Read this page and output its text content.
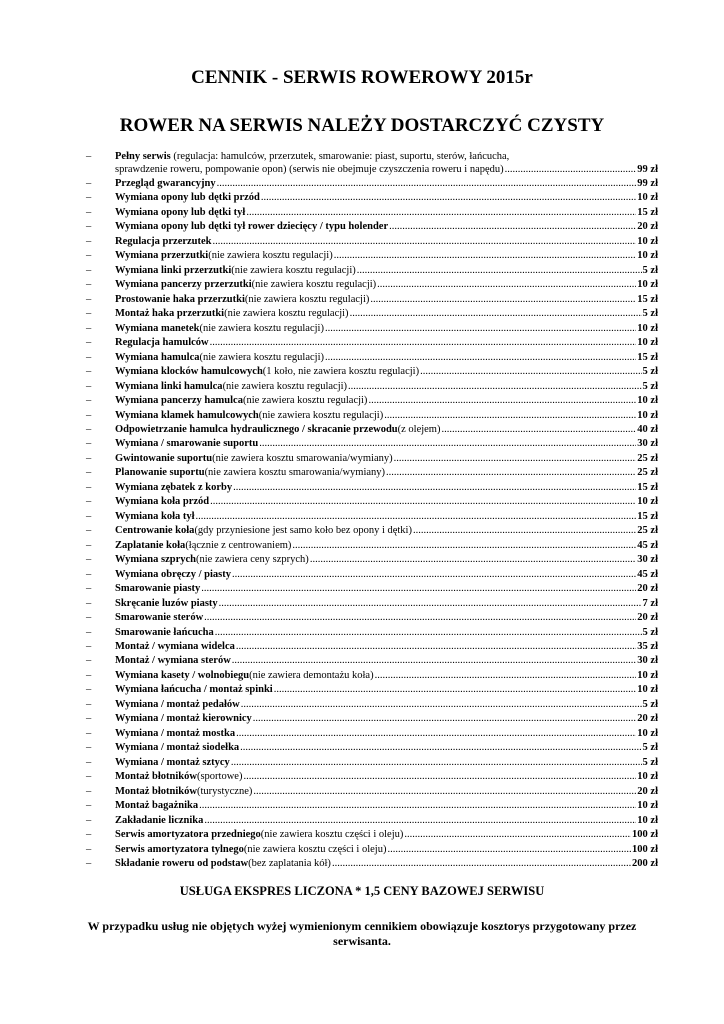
CENNIK - SERWIS ROWEROWY 2015r
ROWER NA SERWIS NALEŻY DOSTARCZYĆ CZYSTY
–	Pełny serwis (regulacja: hamulców, przerzutek, smarowanie: piast, suportu, sterów, łańcucha,
sprawdzenie roweru, pompowanie opon) (serwis nie obejmuje czyszczenia roweru i napędu) .....	99 zł
–	Przegląd gwarancyjny .....	99 zł
–	Wymiana opony lub dętki przód .....	10 zł
–	Wymiana opony lub dętki tył .....	15 zł
–	Wymiana opony lub dętki tył rower dziecięcy / typu holender .....	20 zł
–	Regulacja przerzutek .....	10 zł
–	Wymiana przerzutki (nie zawiera kosztu regulacji) .....	10 zł
–	Wymiana linki przerzutki (nie zawiera kosztu regulacji) .....	5 zł
–	Wymiana pancerzy przerzutki (nie zawiera kosztu regulacji) .....	10 zł
–	Prostowanie haka przerzutki (nie zawiera kosztu regulacji) .....	15 zł
–	Montaż haka przerzutki (nie zawiera kosztu regulacji) .....	5 zł
–	Wymiana manetek (nie zawiera kosztu regulacji) .....	10 zł
–	Regulacja hamulców .....	10 zł
–	Wymiana hamulca (nie zawiera kosztu regulacji) .....	15 zł
–	Wymiana klocków hamulcowych (1 koło, nie zawiera kosztu regulacji) .....	5 zł
–	Wymiana linki hamulca (nie zawiera kosztu regulacji) .....	5 zł
–	Wymiana pancerzy hamulca (nie zawiera kosztu regulacji) .....	10 zł
–	Wymiana klamek hamulcowych (nie zawiera kosztu regulacji) .....	10 zł
–	Odpowietrzanie hamulca hydraulicznego / skracanie przewodu (z olejem) .....	40 zł
–	Wymiana / smarowanie suportu .....	30 zł
–	Gwintowanie suportu (nie zawiera kosztu smarowania/wymiany) .....	25 zł
–	Planowanie suportu (nie zawiera kosztu smarowania/wymiany) .....	25 zł
–	Wymiana zębatek z korby .....	15 zł
–	Wymiana koła przód .....	10 zł
–	Wymiana koła tył .....	15 zł
–	Centrowanie koła (gdy przyniesione jest samo koło bez opony i dętki) .....	25 zł
–	Zaplatanie koła (łącznie z centrowaniem) .....	45 zł
–	Wymiana szprych (nie zawiera ceny szprych) .....	30 zł
–	Wymiana obręczy / piasty .....	45 zł
–	Smarowanie piasty .....	20 zł
–	Skręcanie luzów piasty .....	7 zł
–	Smarowanie sterów .....	20 zł
–	Smarowanie łańcucha .....	5 zł
–	Montaż / wymiana widelca .....	35 zł
–	Montaż / wymiana sterów .....	30 zł
–	Wymiana kasety / wolnobiegu (nie zawiera demontażu koła) .....	10 zł
–	Wymiana łańcucha / montaż spinki .....	10 zł
–	Wymiana / montaż pedałów .....	5 zł
–	Wymiana / montaż kierownicy .....	20 zł
–	Wymiana / montaż mostka .....	10 zł
–	Wymiana / montaż siodełka .....	5 zł
–	Wymiana / montaż sztycy .....	5 zł
–	Montaż błotników (sportowe) .....	10 zł
–	Montaż błotników (turystyczne) .....	20 zł
–	Montaż bagażnika .....	10 zł
–	Zakładanie licznika .....	10 zł
–	Serwis amortyzatora przedniego (nie zawiera kosztu części i oleju) .....	100 zł
–	Serwis amortyzatora tylnego (nie zawiera kosztu części i oleju) .....	100 zł
–	Składanie roweru od podstaw (bez zaplatania kół) .....	200 zł
USŁUGA EKSPRES LICZONA * 1,5 CENY BAZOWEJ SERWISU
W przypadku usług nie objętych wyżej wymienionym cennikiem obowiązuje kosztorys przygotowany przez serwisanta.
